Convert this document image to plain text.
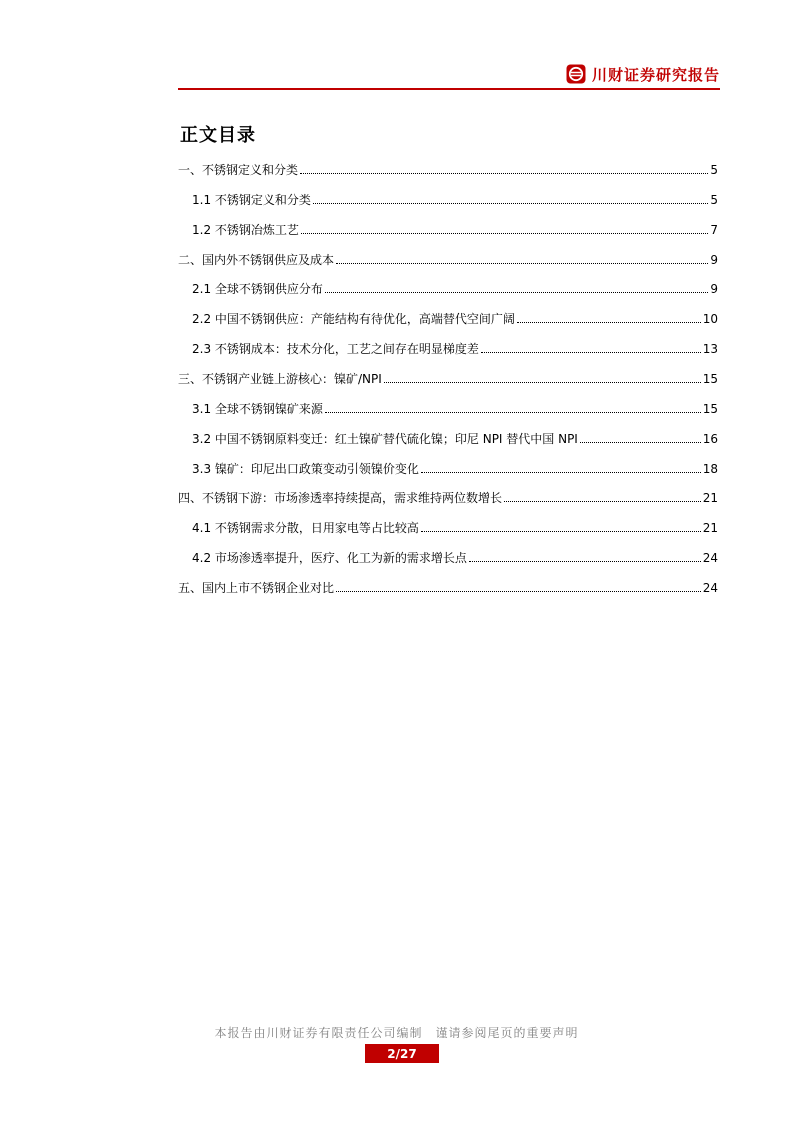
川财证券研究报告
正文目录
一、不锈钢定义和分类	5
1.1 不锈钢定义和分类	5
1.2 不锈钢冶炼工艺	7
二、国内外不锈钢供应及成本	9
2.1 全球不锈钢供应分布	9
2.2 中国不锈钢供应：产能结构有待优化，高端替代空间广阔	10
2.3 不锈钢成本：技术分化，工艺之间存在明显梯度差	13
三、不锈钢产业链上游核心：镍矿/NPI	15
3.1 全球不锈钢镍矿来源	15
3.2 中国不锈钢原料变迁：红土镍矿替代硫化镍；印尼 NPI 替代中国 NPI	16
3.3 镍矿：印尼出口政策变动引领镍价变化	18
四、不锈钢下游：市场渗透率持续提高，需求维持两位数增长	21
4.1 不锈钢需求分散，日用家电等占比较高	21
4.2 市场渗透率提升，医疗、化工为新的需求增长点	24
五、国内上市不锈钢企业对比	24
本报告由川财证券有限责任公司编制　谨请参阅尾页的重要声明
2/27
